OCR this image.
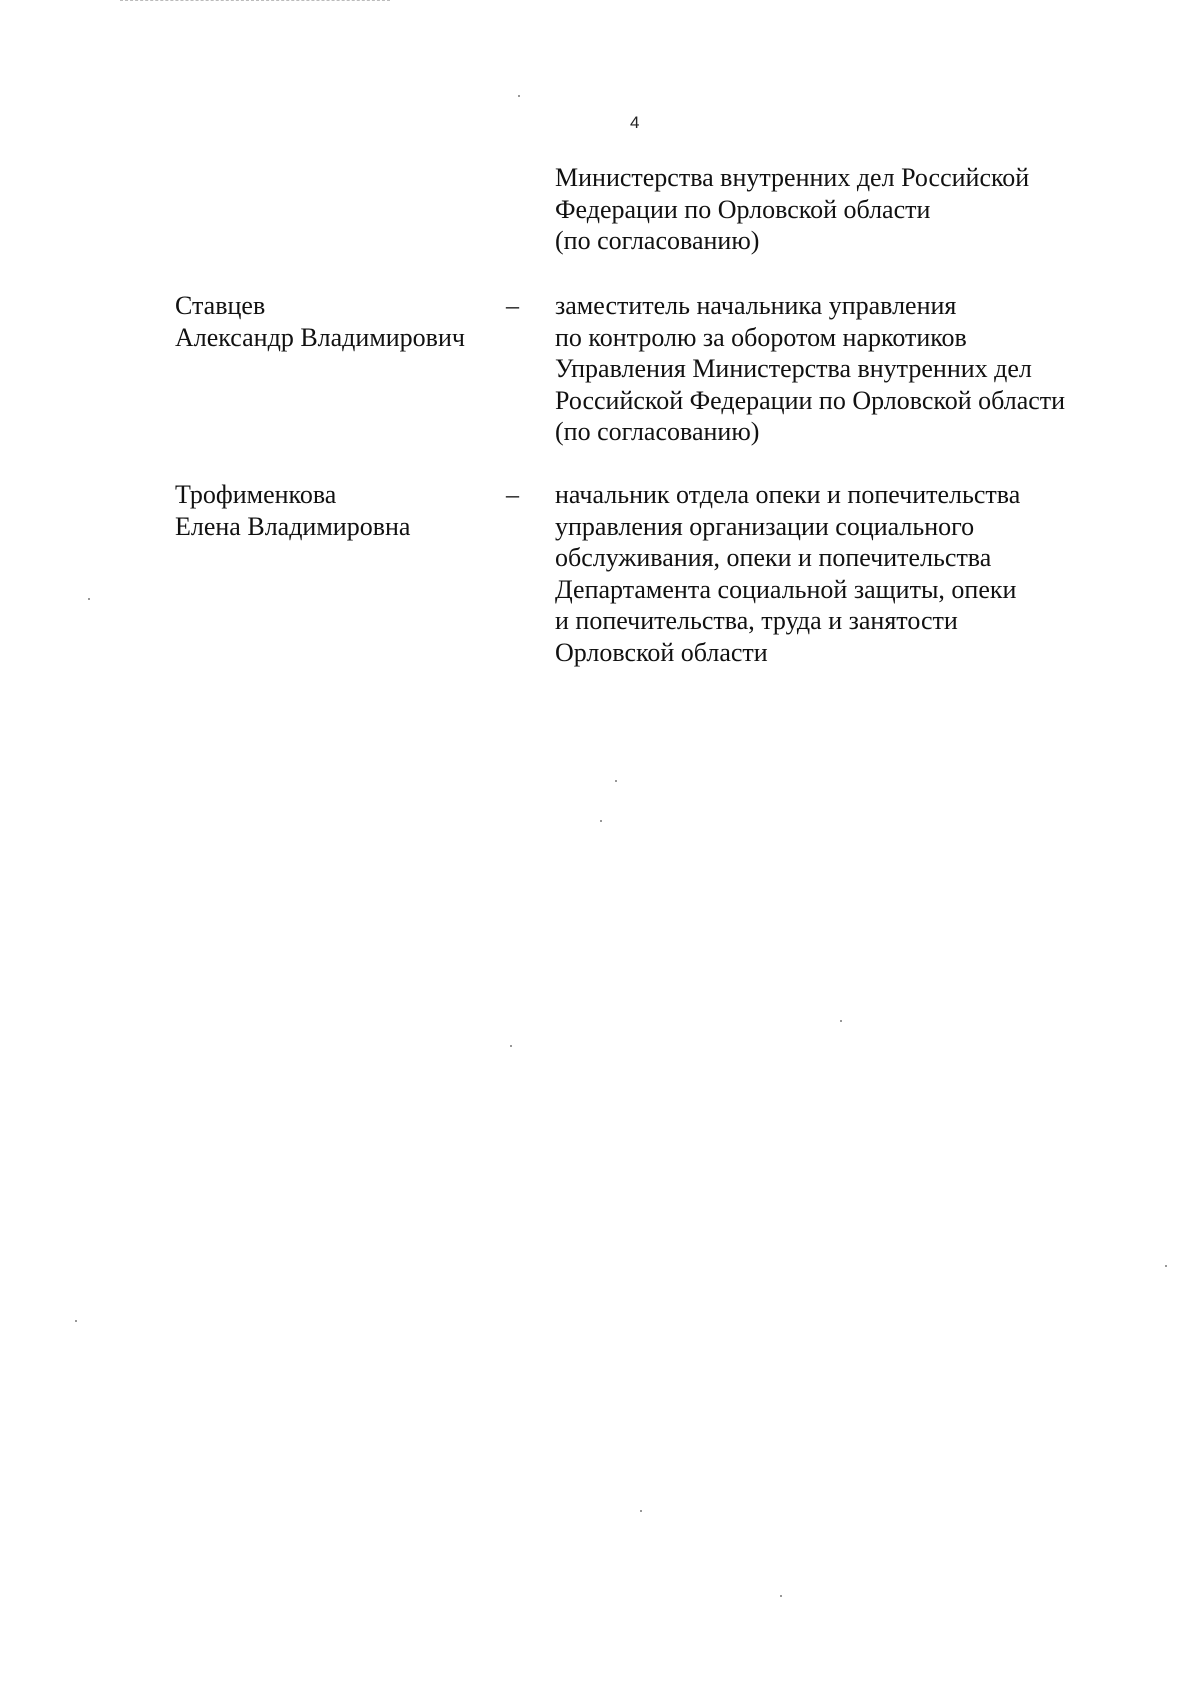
4
Министерства внутренних дел Российской
Федерации по Орловской области
(по согласованию)
Ставцев
Александр Владимирович
–	заместитель начальника управления
по контролю за оборотом наркотиков
Управления Министерства внутренних дел
Российской Федерации по Орловской области
(по согласованию)
Трофименкова
Елена Владимировна
–	начальник отдела опеки и попечительства
управления организации социального
обслуживания, опеки и попечительства
Департамента социальной защиты, опеки
и попечительства, труда и занятости
Орловской области
